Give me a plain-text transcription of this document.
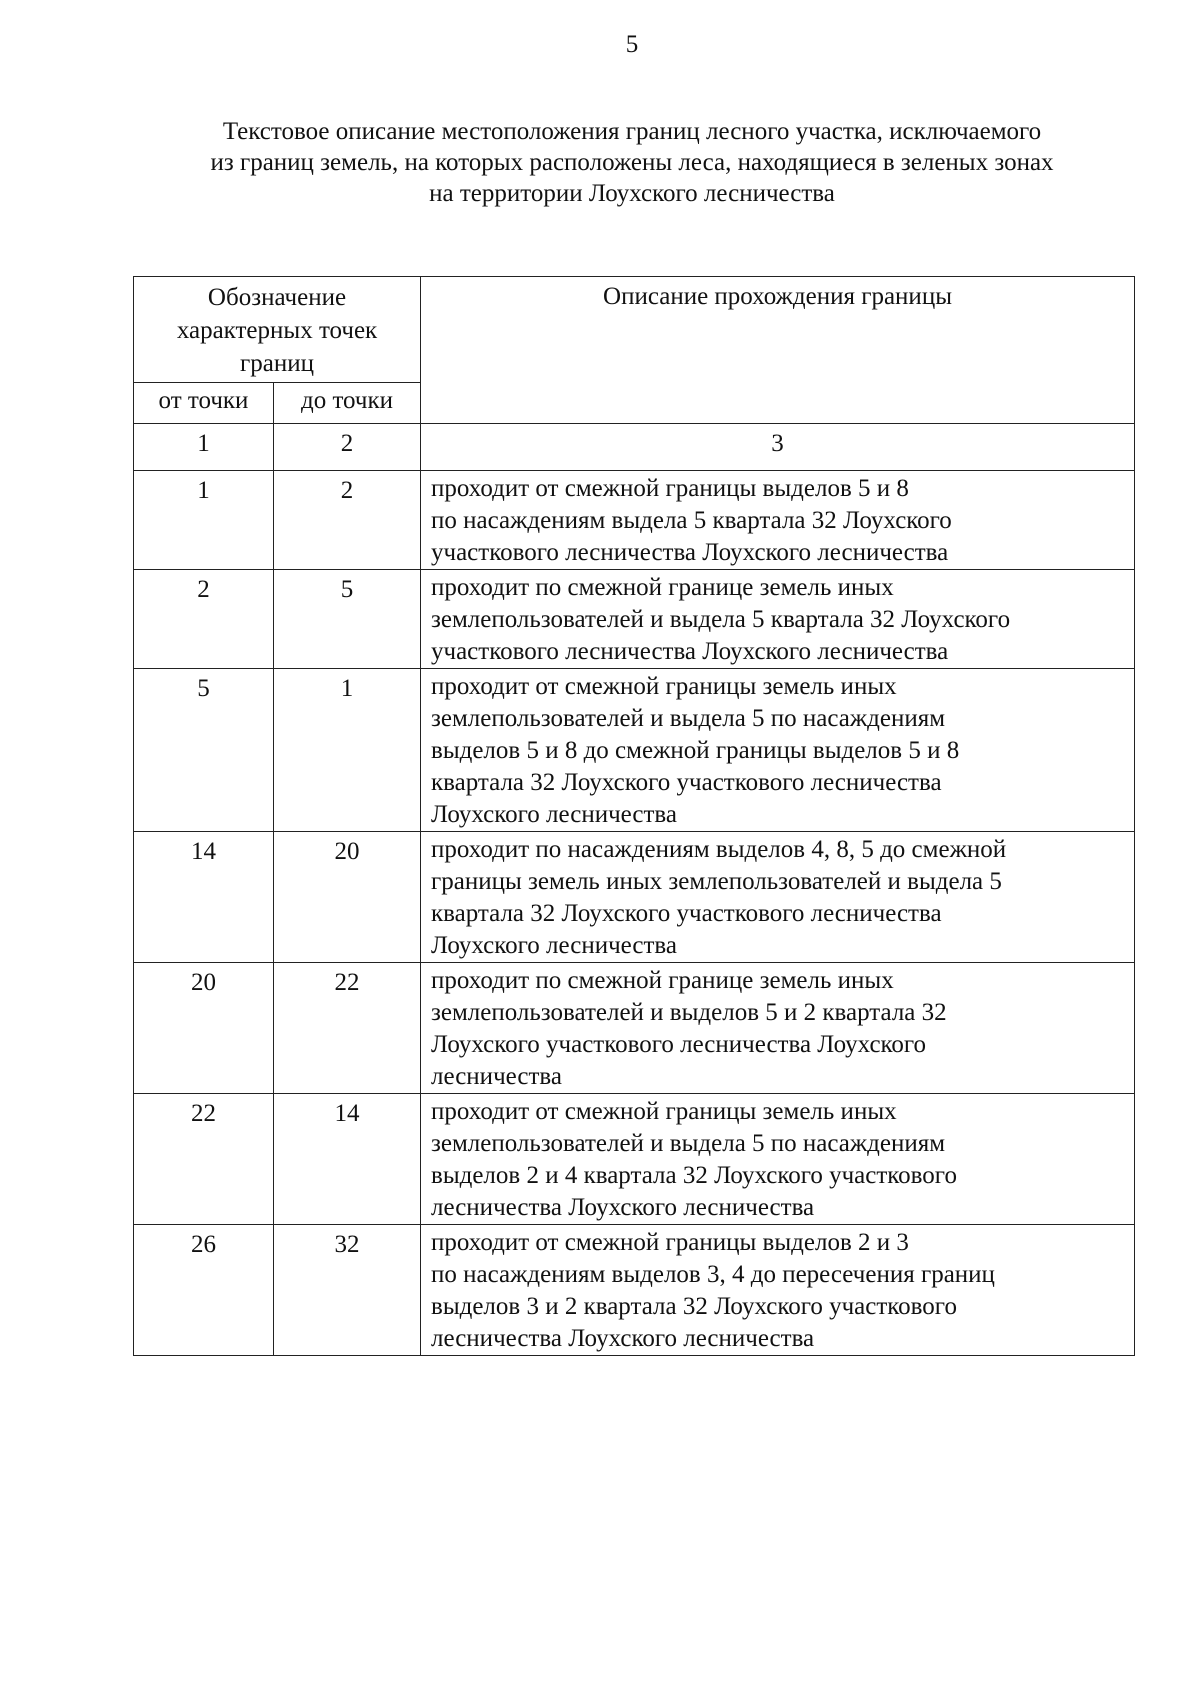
5
Текстовое описание местоположения границ лесного участка, исключаемого
из границ земель, на которых расположены леса, находящиеся в зеленых зонах
на территории Лоухского лесничества
Обозначение
характерных точек
границ		Описание прохождения границы
от точки	до точки	
1	2	3
1	2	проходит от смежной границы выделов 5 и 8
по насаждениям выдела 5 квартала 32 Лоухского
участкового лесничества Лоухского лесничества

2	5	проходит по смежной границе земель иных
землепользователей и выдела 5 квартала 32 Лоухского
участкового лесничества Лоухского лесничества

5	1	проходит от смежной границы земель иных
землепользователей и выдела 5 по насаждениям
выделов 5 и 8 до смежной границы выделов 5 и 8
квартала 32 Лоухского участкового лесничества
Лоухского лесничества

14	20	проходит по насаждениям выделов 4, 8, 5 до смежной
границы земель иных землепользователей и выдела 5
квартала 32 Лоухского участкового лесничества
Лоухского лесничества

20	22	проходит по смежной границе земель иных
землепользователей и выделов 5 и 2 квартала 32
Лоухского участкового лесничества Лоухского
лесничества

22	14	проходит от смежной границы земель иных
землепользователей и выдела 5 по насаждениям
выделов 2 и 4 квартала 32 Лоухского участкового
лесничества Лоухского лесничества

26	32	проходит от смежной границы выделов 2 и 3
по насаждениям выделов 3, 4 до пересечения границ
выделов 3 и 2 квартала 32 Лоухского участкового
лесничества Лоухского лесничества
